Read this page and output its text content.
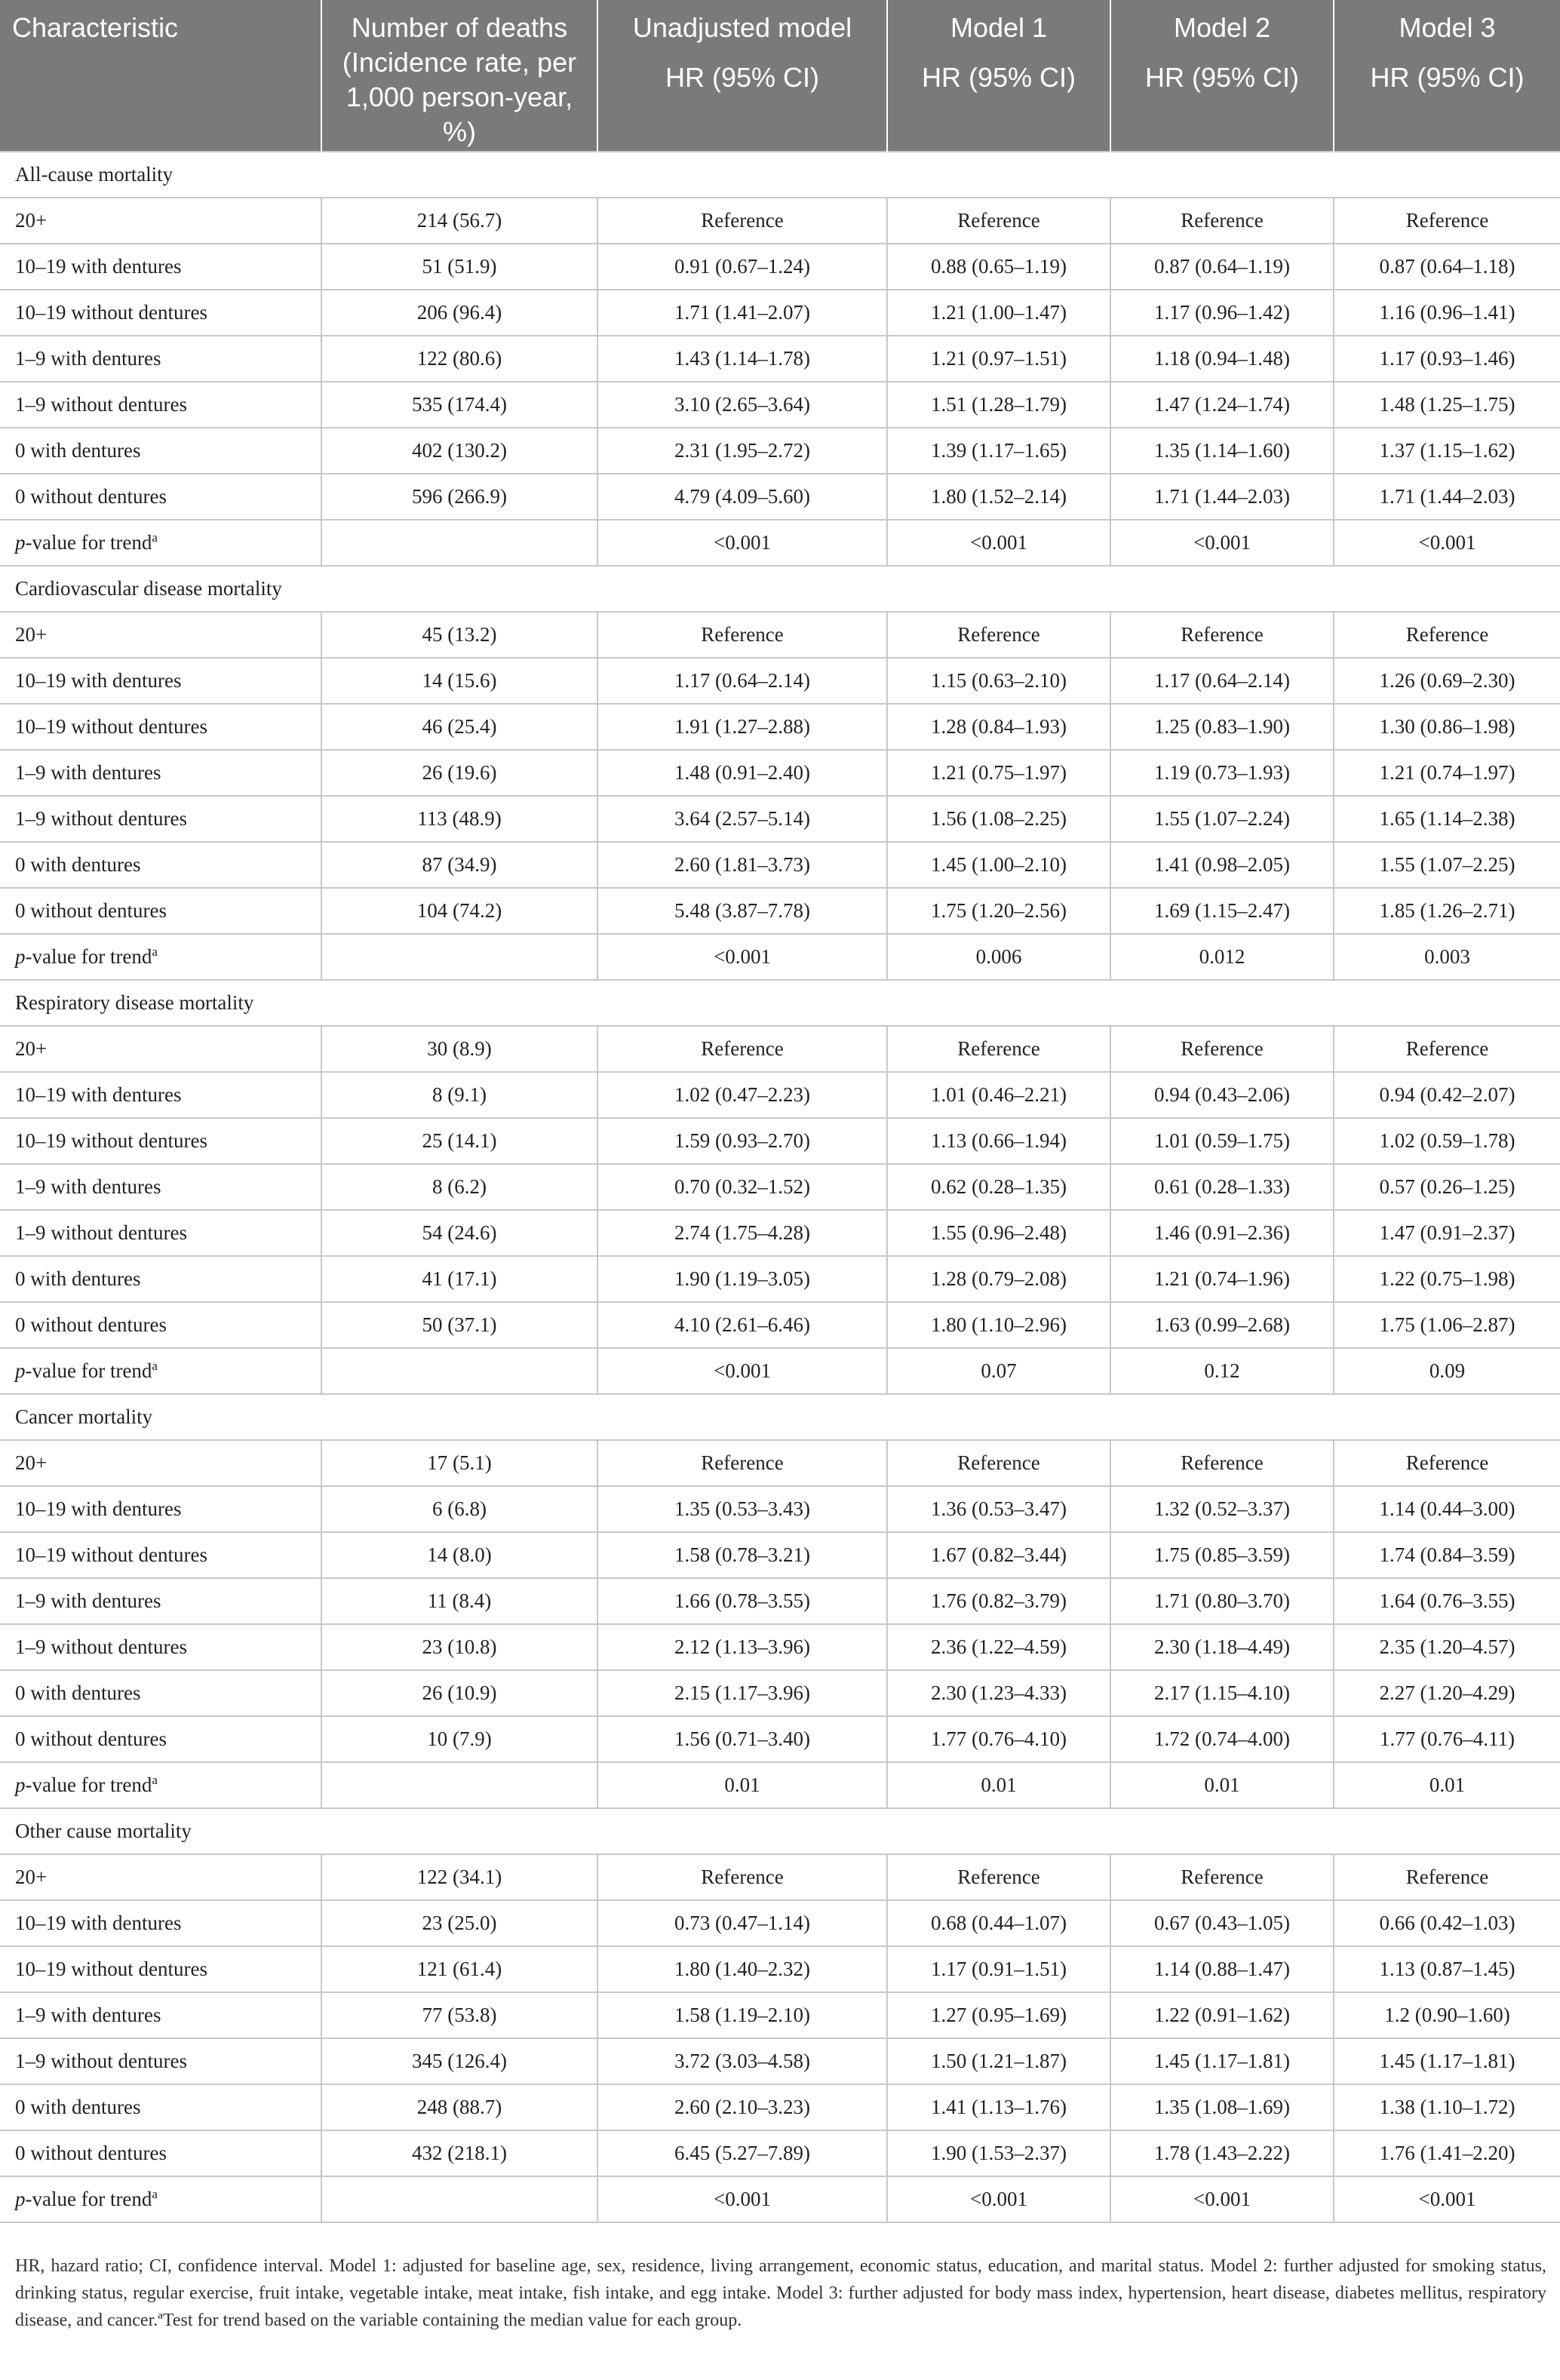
Characteristic	Number of deaths (Incidence rate, per 1,000 person-year, %)	Unadjusted model	Model 1	Model 2	Model 3
		HR (95% CI)	HR (95% CI)	HR (95% CI)	HR (95% CI)
All-cause mortality					
20+	214 (56.7)	Reference	Reference	Reference	Reference
10–19 with dentures	51 (51.9)	0.91 (0.67–1.24)	0.88 (0.65–1.19)	0.87 (0.64–1.19)	0.87 (0.64–1.18)
10–19 without dentures	206 (96.4)	1.71 (1.41–2.07)	1.21 (1.00–1.47)	1.17 (0.96–1.42)	1.16 (0.96–1.41)
1–9 with dentures	122 (80.6)	1.43 (1.14–1.78)	1.21 (0.97–1.51)	1.18 (0.94–1.48)	1.17 (0.93–1.46)
1–9 without dentures	535 (174.4)	3.10 (2.65–3.64)	1.51 (1.28–1.79)	1.47 (1.24–1.74)	1.48 (1.25–1.75)
0 with dentures	402 (130.2)	2.31 (1.95–2.72)	1.39 (1.17–1.65)	1.35 (1.14–1.60)	1.37 (1.15–1.62)
0 without dentures	596 (266.9)	4.79 (4.09–5.60)	1.80 (1.52–2.14)	1.71 (1.44–2.03)	1.71 (1.44–2.03)
p-value for trend$^a$		<0.001	<0.001	<0.001	<0.001
Cardiovascular disease mortality					
20+	45 (13.2)	Reference	Reference	Reference	Reference
10–19 with dentures	14 (15.6)	1.17 (0.64–2.14)	1.15 (0.63–2.10)	1.17 (0.64–2.14)	1.26 (0.69–2.30)
10–19 without dentures	46 (25.4)	1.91 (1.27–2.88)	1.28 (0.84–1.93)	1.25 (0.83–1.90)	1.30 (0.86–1.98)
1–9 with dentures	26 (19.6)	1.48 (0.91–2.40)	1.21 (0.75–1.97)	1.19 (0.73–1.93)	1.21 (0.74–1.97)
1–9 without dentures	113 (48.9)	3.64 (2.57–5.14)	1.56 (1.08–2.25)	1.55 (1.07–2.24)	1.65 (1.14–2.38)
0 with dentures	87 (34.9)	2.60 (1.81–3.73)	1.45 (1.00–2.10)	1.41 (0.98–2.05)	1.55 (1.07–2.25)
0 without dentures	104 (74.2)	5.48 (3.87–7.78)	1.75 (1.20–2.56)	1.69 (1.15–2.47)	1.85 (1.26–2.71)
p-value for trend$^a$		<0.001	0.006	0.012	0.003
Respiratory disease mortality					
20+	30 (8.9)	Reference	Reference	Reference	Reference
10–19 with dentures	8 (9.1)	1.02 (0.47–2.23)	1.01 (0.46–2.21)	0.94 (0.43–2.06)	0.94 (0.42–2.07)
10–19 without dentures	25 (14.1)	1.59 (0.93–2.70)	1.13 (0.66–1.94)	1.01 (0.59–1.75)	1.02 (0.59–1.78)
1–9 with dentures	8 (6.2)	0.70 (0.32–1.52)	0.62 (0.28–1.35)	0.61 (0.28–1.33)	0.57 (0.26–1.25)
1–9 without dentures	54 (24.6)	2.74 (1.75–4.28)	1.55 (0.96–2.48)	1.46 (0.91–2.36)	1.47 (0.91–2.37)
0 with dentures	41 (17.1)	1.90 (1.19–3.05)	1.28 (0.79–2.08)	1.21 (0.74–1.96)	1.22 (0.75–1.98)
0 without dentures	50 (37.1)	4.10 (2.61–6.46)	1.80 (1.10–2.96)	1.63 (0.99–2.68)	1.75 (1.06–2.87)
p-value for trend$^a$		<0.001	0.07	0.12	0.09
Cancer mortality					
20+	17 (5.1)	Reference	Reference	Reference	Reference
10–19 with dentures	6 (6.8)	1.35 (0.53–3.43)	1.36 (0.53–3.47)	1.32 (0.52–3.37)	1.14 (0.44–3.00)
10–19 without dentures	14 (8.0)	1.58 (0.78–3.21)	1.67 (0.82–3.44)	1.75 (0.85–3.59)	1.74 (0.84–3.59)
1–9 with dentures	11 (8.4)	1.66 (0.78–3.55)	1.76 (0.82–3.79)	1.71 (0.80–3.70)	1.64 (0.76–3.55)
1–9 without dentures	23 (10.8)	2.12 (1.13–3.96)	2.36 (1.22–4.59)	2.30 (1.18–4.49)	2.35 (1.20–4.57)
0 with dentures	26 (10.9)	2.15 (1.17–3.96)	2.30 (1.23–4.33)	2.17 (1.15–4.10)	2.27 (1.20–4.29)
0 without dentures	10 (7.9)	1.56 (0.71–3.40)	1.77 (0.76–4.10)	1.72 (0.74–4.00)	1.77 (0.76–4.11)
p-value for trend$^a$		0.01	0.01	0.01	0.01
Other cause mortality					
20+	122 (34.1)	Reference	Reference	Reference	Reference
10–19 with dentures	23 (25.0)	0.73 (0.47–1.14)	0.68 (0.44–1.07)	0.67 (0.43–1.05)	0.66 (0.42–1.03)
10–19 without dentures	121 (61.4)	1.80 (1.40–2.32)	1.17 (0.91–1.51)	1.14 (0.88–1.47)	1.13 (0.87–1.45)
1–9 with dentures	77 (53.8)	1.58 (1.19–2.10)	1.27 (0.95–1.69)	1.22 (0.91–1.62)	1.2 (0.90–1.60)
1–9 without dentures	345 (126.4)	3.72 (3.03–4.58)	1.50 (1.21–1.87)	1.45 (1.17–1.81)	1.45 (1.17–1.81)
0 with dentures	248 (88.7)	2.60 (2.10–3.23)	1.41 (1.13–1.76)	1.35 (1.08–1.69)	1.38 (1.10–1.72)
0 without dentures	432 (218.1)	6.45 (5.27–7.89)	1.90 (1.53–2.37)	1.78 (1.43–2.22)	1.76 (1.41–2.20)
p-value for trend$^a$		<0.001	<0.001	<0.001	<0.001
HR, hazard ratio; CI, confidence interval. Model 1: adjusted for baseline age, sex, residence, living arrangement, economic status, education, and marital status. Model 2: further adjusted for smoking status, drinking status, regular exercise, fruit intake, vegetable intake, meat intake, fish intake, and egg intake. Model 3: further adjusted for body mass index, hypertension, heart disease, diabetes mellitus, respiratory disease, and cancer.ªTest for trend based on the variable containing the median value for each group.
